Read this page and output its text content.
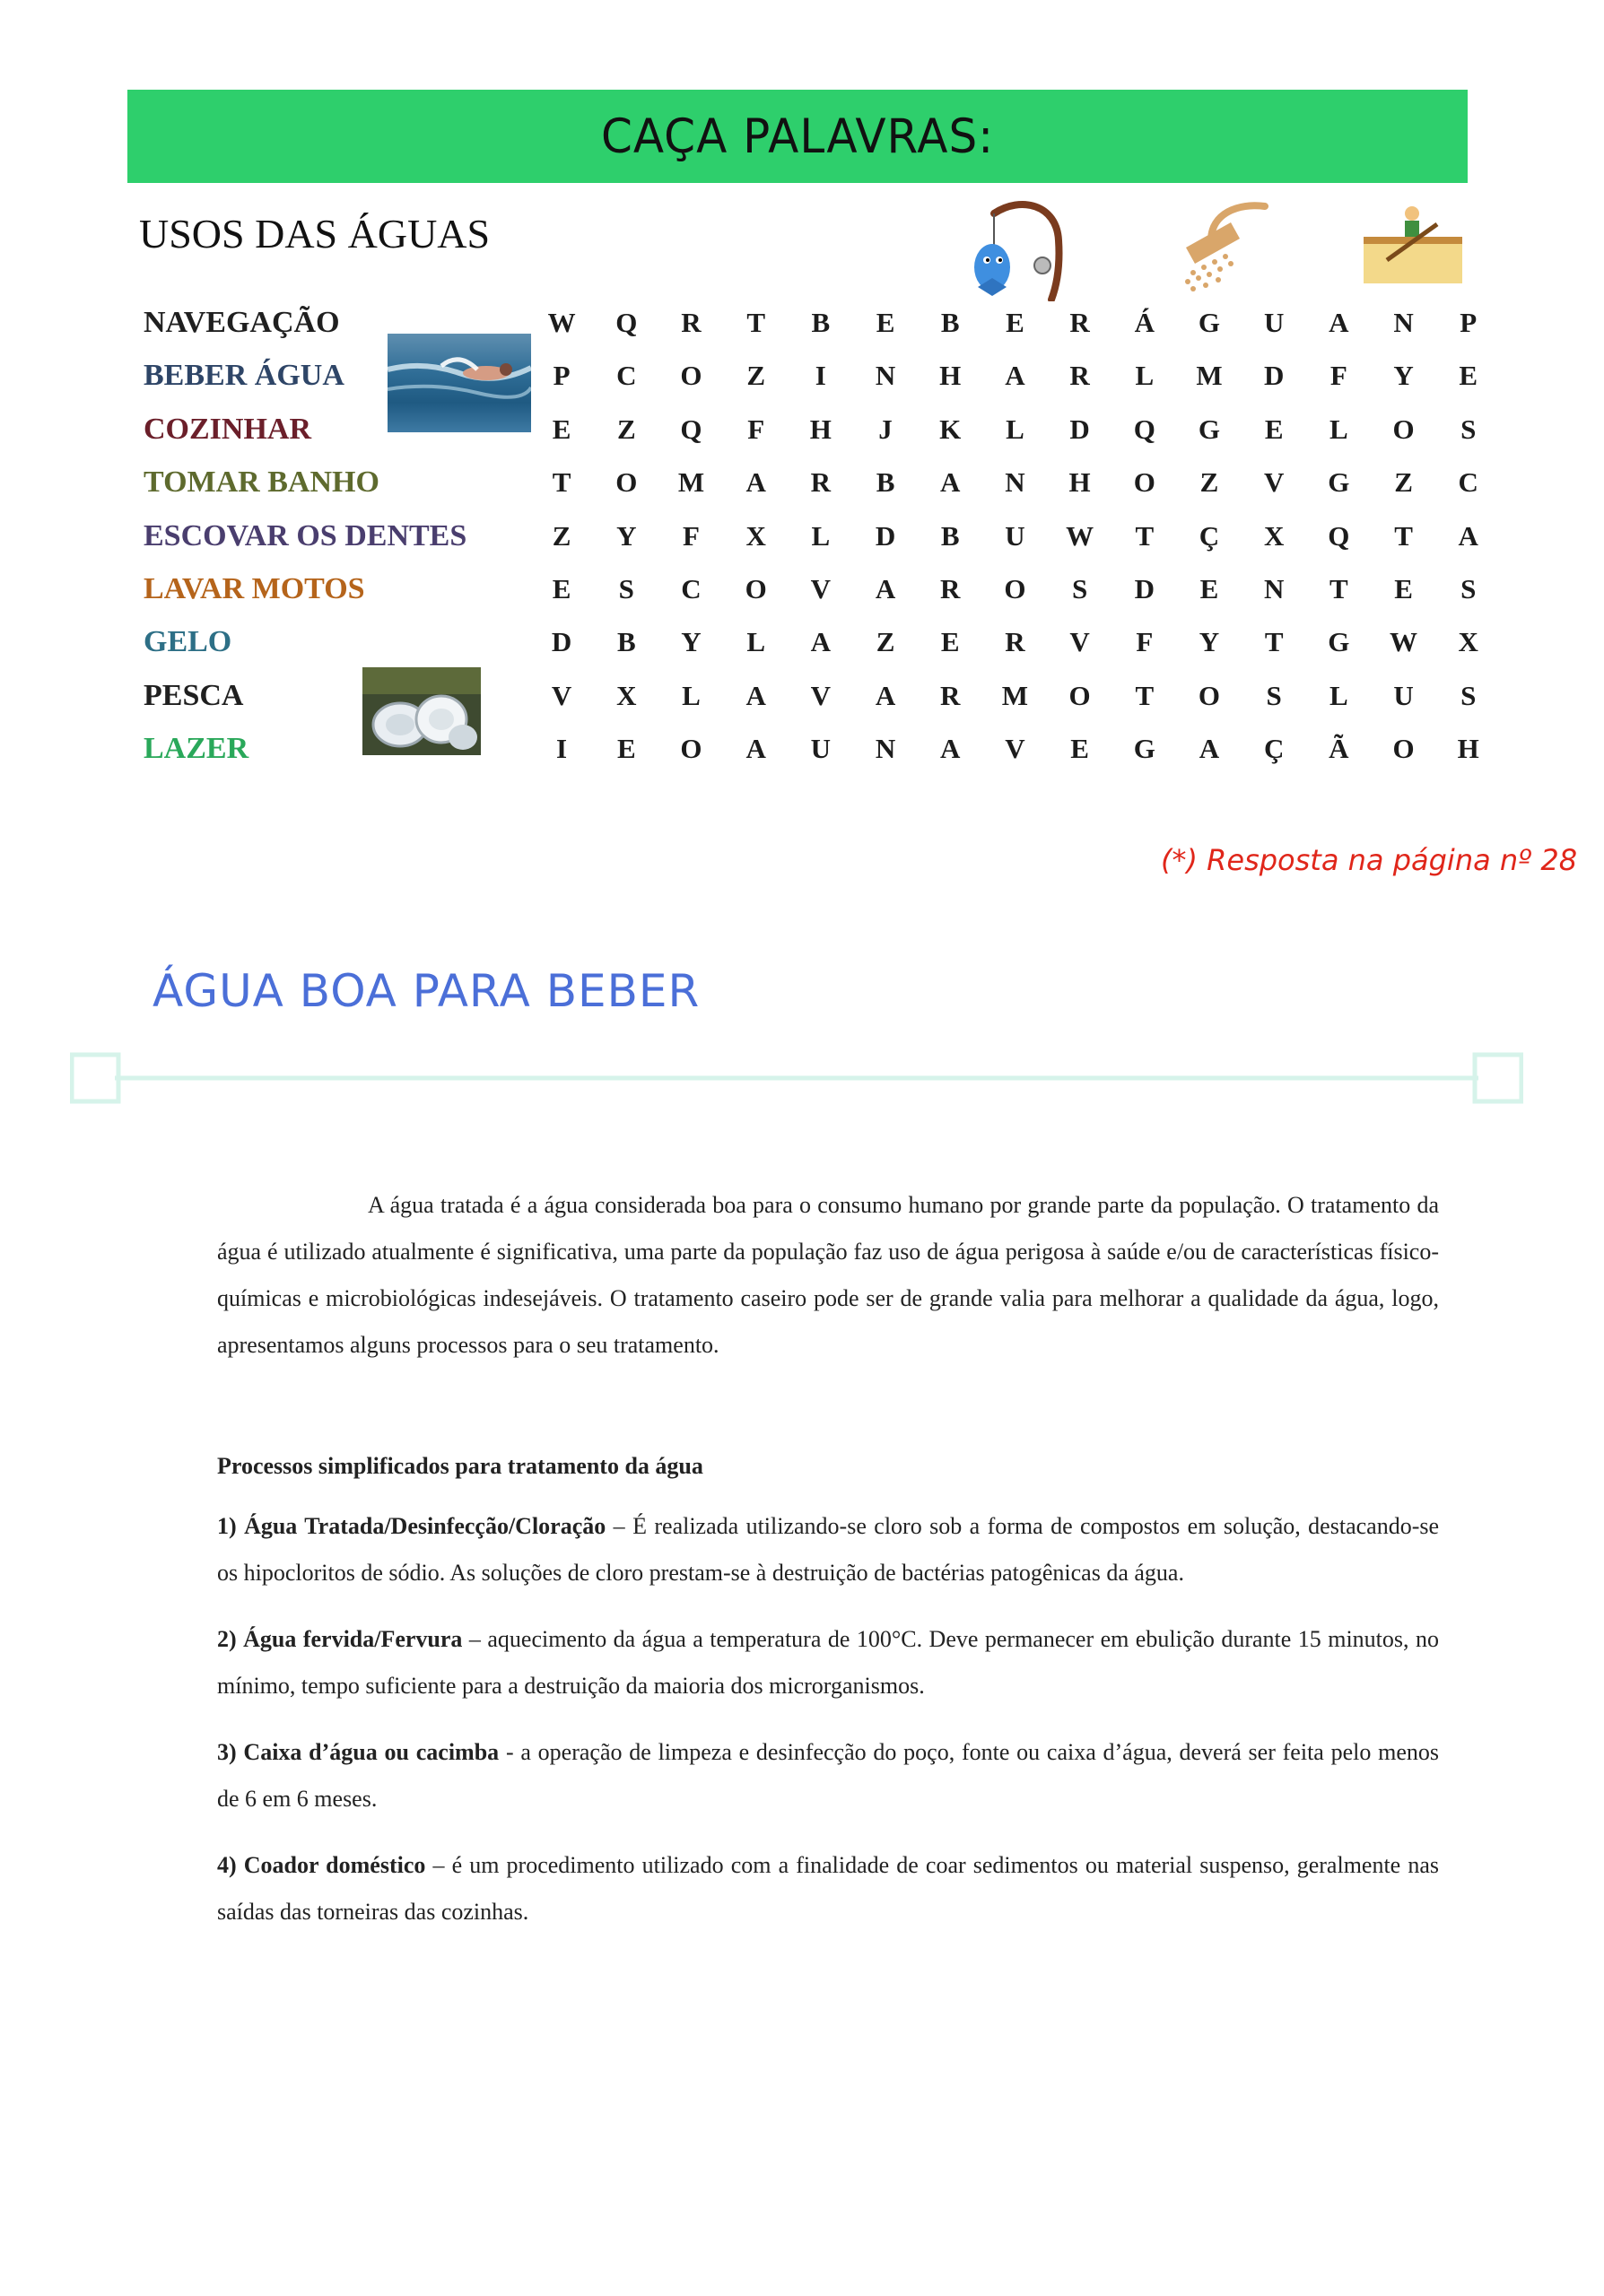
CAÇA PALAVRAS:
USOS DAS ÁGUAS
NAVEGAÇÃO
BEBER ÁGUA
COZINHAR
TOMAR BANHO
ESCOVAR OS DENTES
LAVAR MOTOS
GELO
PESCA
LAZER
W	Q	R	T	B	E	B	E	R	Á	G	U	A	N	P
P	C	O	Z	I	N	H	A	R	L	M	D	F	Y	E
E	Z	Q	F	H	J	K	L	D	Q	G	E	L	O	S
T	O	M	A	R	B	A	N	H	O	Z	V	G	Z	C
Z	Y	F	X	L	D	B	U	W	T	Ç	X	Q	T	A
E	S	C	O	V	A	R	O	S	D	E	N	T	E	S
D	B	Y	L	A	Z	E	R	V	F	Y	T	G	W	X
V	X	L	A	V	A	R	M	O	T	O	S	L	U	S
I	E	O	A	U	N	A	V	E	G	A	Ç	Ã	O	H
(*) Resposta na página nº 28
ÁGUA BOA PARA BEBER

A água tratada é a água considerada boa para o consumo humano por grande parte da população. O tratamento da água é utilizado atualmente é significativa, uma parte da população faz uso de água perigosa à saúde e/ou de características físico-químicas e microbiológicas indesejáveis. O tratamento caseiro pode ser de grande valia para melhorar a qualidade da água, logo, apresentamos alguns processos para o seu tratamento.

Processos simplificados para tratamento da água

1) Água Tratada/Desinfecção/Cloração – É realizada utilizando-se cloro sob a forma de compostos em solução, destacando-se os hipocloritos de sódio. As soluções de cloro prestam-se à destruição de bactérias patogênicas da água.

2) Água fervida/Fervura – aquecimento da água a temperatura de 100°C. Deve permanecer em ebulição durante 15 minutos, no mínimo, tempo suficiente para a destruição da maioria dos microrganismos.

3) Caixa d’água ou cacimba - a operação de limpeza e desinfecção do poço, fonte ou caixa d’água, deverá ser feita pelo menos de 6 em 6 meses.

4) Coador doméstico – é um procedimento utilizado com a finalidade de coar sedimentos ou material suspenso, geralmente nas saídas das torneiras das cozinhas.
